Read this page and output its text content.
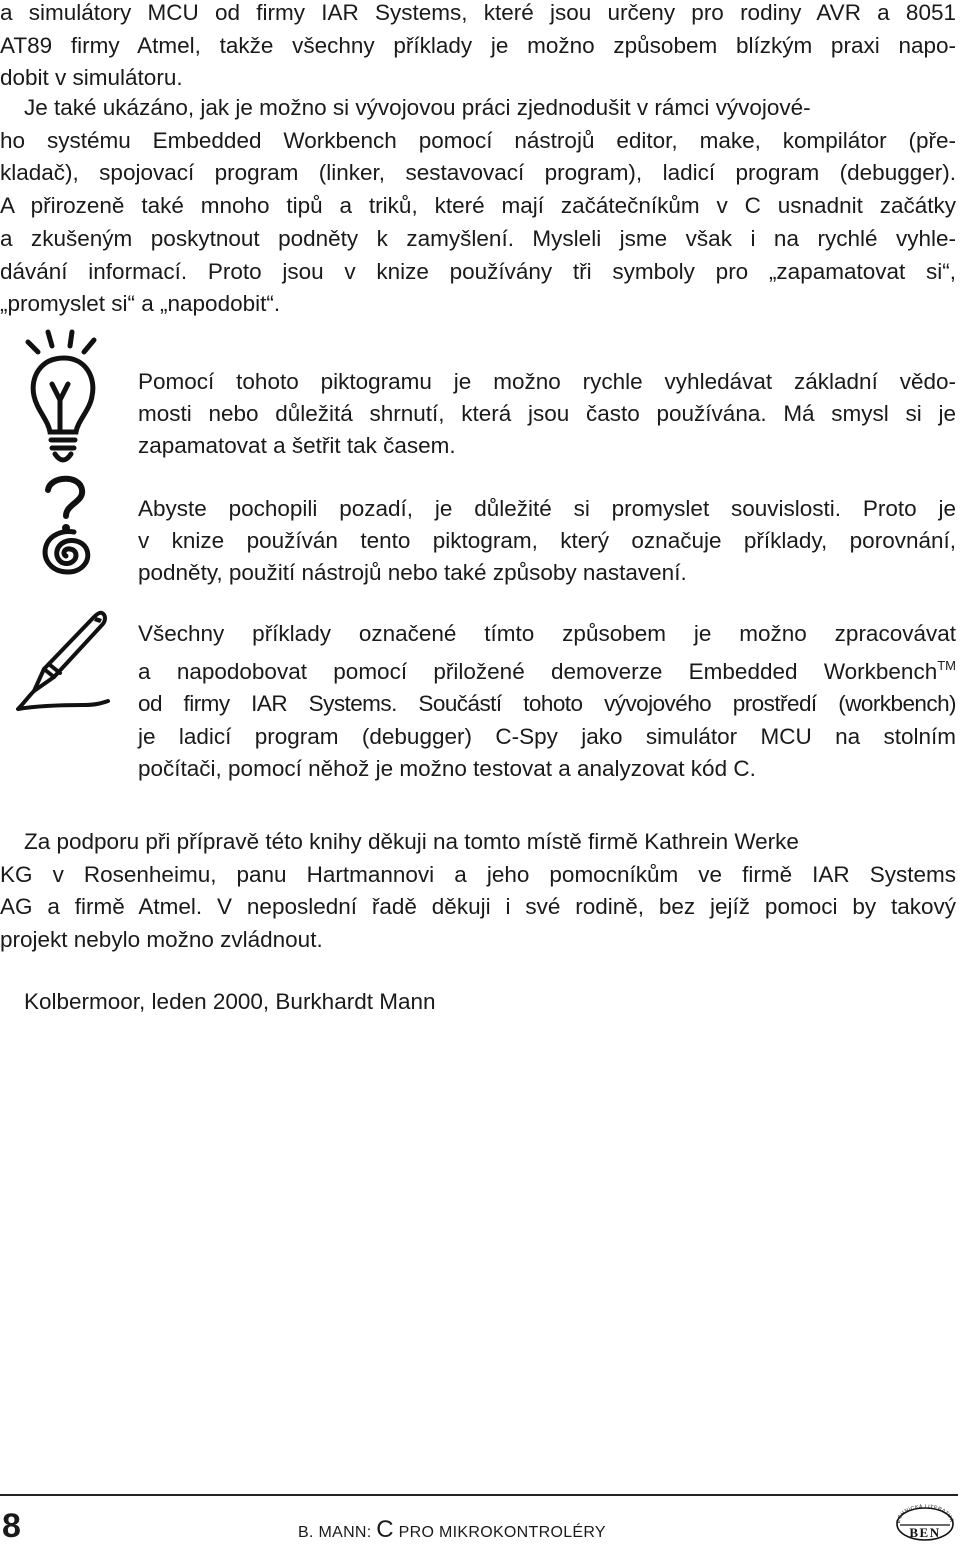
a simulátory MCU od firmy IAR Systems, které jsou určeny pro rodiny AVR a 8051
AT89 firmy Atmel, takže všechny příklady je možno způsobem blízkým praxi napo-
dobit v simulátoru.
Je také ukázáno, jak je možno si vývojovou práci zjednodušit v rámci vývojové-
ho systému Embedded Workbench pomocí nástrojů editor, make, kompilátor (pře-
kladač), spojovací program (linker, sestavovací program), ladicí program (debugger).
A přirozeně také mnoho tipů a triků, které mají začátečníkům v C usnadnit začátky
a zkušeným poskytnout podněty k zamyšlení. Mysleli jsme však i na rychlé vyhle-
dávání informací. Proto jsou v knize používány tři symboly pro „zapamatovat si“,
„promyslet si“ a „napodobit“.
Pomocí tohoto piktogramu je možno rychle vyhledávat základní vědo-
mosti nebo důležitá shrnutí, která jsou často používána. Má smysl si je
zapamatovat a šetřit tak časem.
Abyste pochopili pozadí, je důležité si promyslet souvislosti. Proto je
v knize používán tento piktogram, který označuje příklady, porovnání,
podněty, použití nástrojů nebo také způsoby nastavení.
Všechny příklady označené tímto způsobem je možno zpracovávat
a napodobovat pomocí přiložené demoverze Embedded Workbench™
od firmy IAR Systems. Součástí tohoto vývojového prostředí (workbench)
je ladicí program (debugger) C-Spy jako simulátor MCU na stolním
počítači, pomocí něhož je možno testovat a analyzovat kód C.
Za podporu při přípravě této knihy děkuji na tomto místě firmě Kathrein Werke
KG v Rosenheimu, panu Hartmannovi a jeho pomocníkům ve firmě IAR Systems
AG a firmě Atmel. V neposlední řadě děkuji i své rodině, bez jejíž pomoci by takový
projekt nebylo možno zvládnout.
Kolbermoor, leden 2000, Burkhardt Mann
8	B. MANN: C PRO MIKROKONTROLÉRY
ECHNICKÁ LITERATUR
BEN
